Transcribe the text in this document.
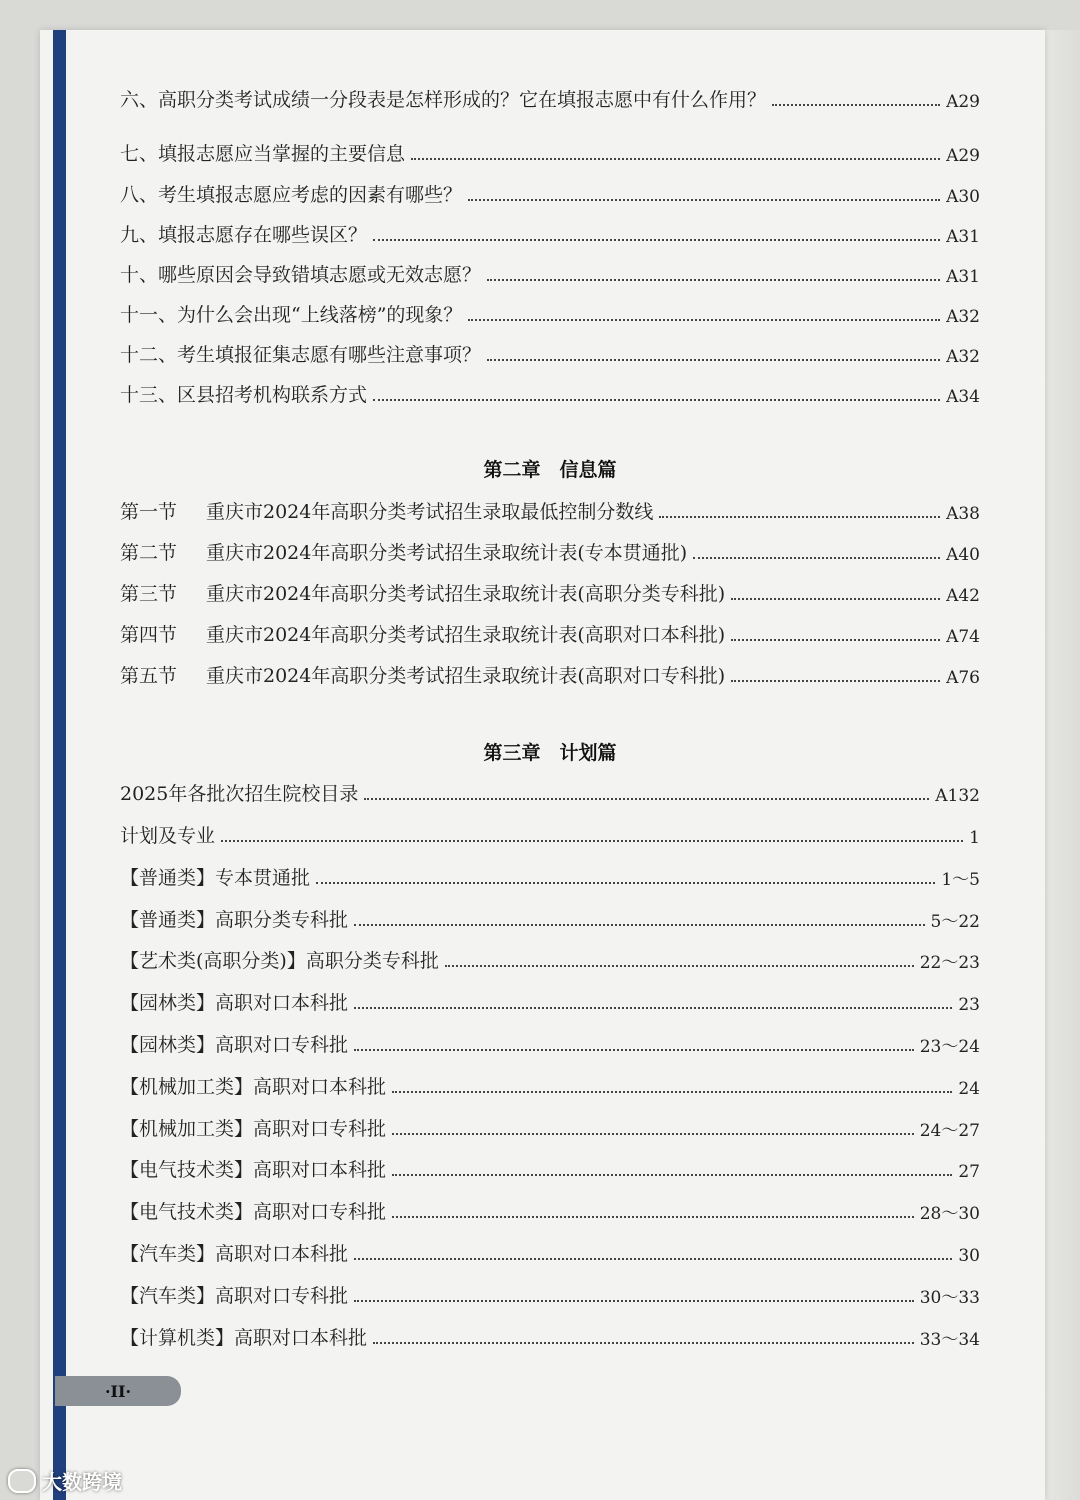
六、高职分类考试成绩一分段表是怎样形成的？它在填报志愿中有什么作用？	A29
七、填报志愿应当掌握的主要信息	A29
八、考生填报志愿应考虑的因素有哪些？	A30
九、填报志愿存在哪些误区？	A31
十、哪些原因会导致错填志愿或无效志愿？	A31
十一、为什么会出现“上线落榜”的现象？	A32
十二、考生填报征集志愿有哪些注意事项？	A32
十三、区县招考机构联系方式	A34
第二章　信息篇
第一节 重庆市2024年高职分类考试招生录取最低控制分数线	A38
第二节 重庆市2024年高职分类考试招生录取统计表(专本贯通批)	A40
第三节 重庆市2024年高职分类考试招生录取统计表(高职分类专科批)	A42
第四节 重庆市2024年高职分类考试招生录取统计表(高职对口本科批)	A74
第五节 重庆市2024年高职分类考试招生录取统计表(高职对口专科批)	A76
第三章　计划篇
2025年各批次招生院校目录	A132
计划及专业	1
【普通类】专本贯通批	1～5
【普通类】高职分类专科批	5～22
【艺术类(高职分类)】高职分类专科批	22～23
【园林类】高职对口本科批	23
【园林类】高职对口专科批	23～24
【机械加工类】高职对口本科批	24
【机械加工类】高职对口专科批	24～27
【电气技术类】高职对口本科批	27
【电气技术类】高职对口专科批	28～30
【汽车类】高职对口本科批	30
【汽车类】高职对口专科批	30～33
【计算机类】高职对口本科批	33～34
·II·
大数跨境
